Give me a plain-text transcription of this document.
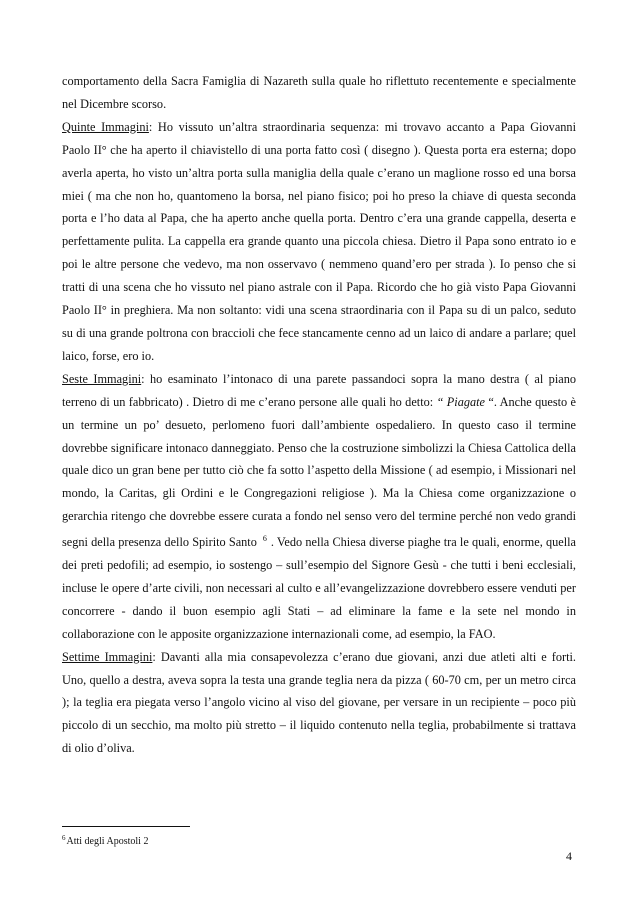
comportamento della Sacra Famiglia di Nazareth sulla quale ho riflettuto recentemente e specialmente nel Dicembre scorso.

Quinte Immagini: Ho vissuto un’altra straordinaria sequenza: mi trovavo accanto a Papa Giovanni Paolo II° che ha aperto il chiavistello di una porta fatto così ( disegno ). Questa porta era esterna; dopo averla aperta, ho visto un’altra porta sulla maniglia della quale c’erano un maglione rosso ed una borsa miei ( ma che non ho, quantomeno la borsa, nel piano fisico; poi ho preso la chiave di questa seconda porta e l’ho data al Papa, che ha aperto anche quella porta. Dentro c’era una grande cappella, deserta e perfettamente pulita. La cappella era grande quanto una piccola chiesa. Dietro il Papa sono entrato io e poi le altre persone che vedevo, ma non osservavo ( nemmeno quand’ero per strada ). Io penso che si tratti di una scena che ho vissuto nel piano astrale con il Papa. Ricordo che ho già visto Papa Giovanni Paolo II° in preghiera. Ma non soltanto: vidi una scena straordinaria con il Papa su di un palco, seduto su di una grande poltrona con braccioli che fece stancamente cenno ad un laico di andare a parlare; quel laico, forse, ero io.

Seste Immagini: ho esaminato l’intonaco di una parete passandoci sopra la mano destra ( al piano terreno di un fabbricato) . Dietro di me c’erano persone alle quali ho detto: “ Piagate “. Anche questo è un termine un po’ desueto, perlomeno fuori dall’ambiente ospedaliero. In questo caso il termine dovrebbe significare intonaco danneggiato. Penso che la costruzione simbolizzi la Chiesa Cattolica della quale dico un gran bene per tutto ciò che fa sotto l’aspetto della Missione ( ad esempio, i Missionari nel mondo, la Caritas, gli Ordini e le Congregazioni religiose ). Ma la Chiesa come organizzazione o gerarchia ritengo che dovrebbe essere curata a fondo nel senso vero del termine perché non vedo grandi segni della presenza dello Spirito Santo $^6$ . Vedo nella Chiesa diverse piaghe tra le quali, enorme, quella dei preti pedofili; ad esempio, io sostengo – sull’esempio del Signore Gesù - che tutti i beni ecclesiali, incluse le opere d’arte civili, non necessari al culto e all’evangelizzazione dovrebbero essere venduti per concorrere - dando il buon esempio agli Stati – ad eliminare la fame e la sete nel mondo in collaborazione con le apposite organizzazione internazionali come, ad esempio, la FAO.

Settime Immagini: Davanti alla mia consapevolezza c’erano due giovani, anzi due atleti alti e forti. Uno, quello a destra, aveva sopra la testa una grande teglia nera da pizza ( 60-70 cm, per un metro circa ); la teglia era piegata verso l’angolo vicino al viso del giovane, per versare in un recipiente – poco più piccolo di un secchio, ma molto più stretto – il liquido contenuto nella teglia, probabilmente si trattava di olio d’oliva.

$^6$Atti degli Apostoli 2
4
